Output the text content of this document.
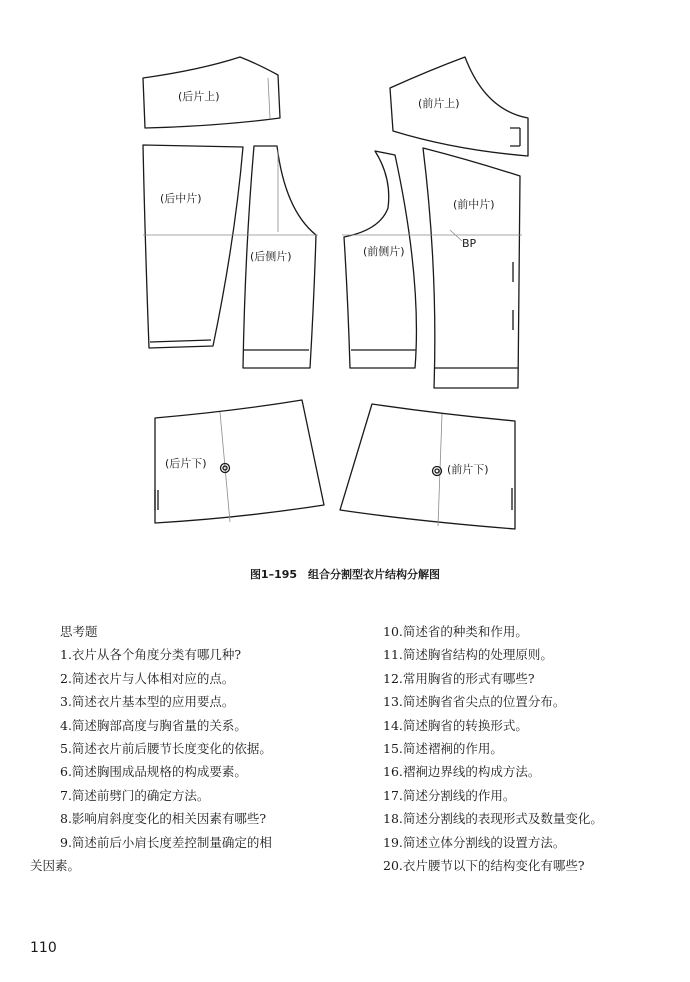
(后片上)
(前片上)
(后中片)
(后侧片)	(前侧片)
(前中片)
BP
(后片下)	(前片下)
图1–195　组合分割型衣片结构分解图
思考题
1.衣片从各个角度分类有哪几种?
2.简述衣片与人体相对应的点。
3.简述衣片基本型的应用要点。
4.简述胸部高度与胸省量的关系。
5.简述衣片前后腰节长度变化的依据。
6.简述胸围成品规格的构成要素。
7.简述前劈门的确定方法。
8.影响肩斜度变化的相关因素有哪些?
9.简述前后小肩长度差控制量确定的相
关因素。
10.简述省的种类和作用。
11.简述胸省结构的处理原则。
12.常用胸省的形式有哪些?
13.简述胸省省尖点的位置分布。
14.简述胸省的转换形式。
15.简述褶裥的作用。
16.褶裥边界线的构成方法。
17.简述分割线的作用。
18.简述分割线的表现形式及数量变化。
19.简述立体分割线的设置方法。
20.衣片腰节以下的结构变化有哪些?
110
